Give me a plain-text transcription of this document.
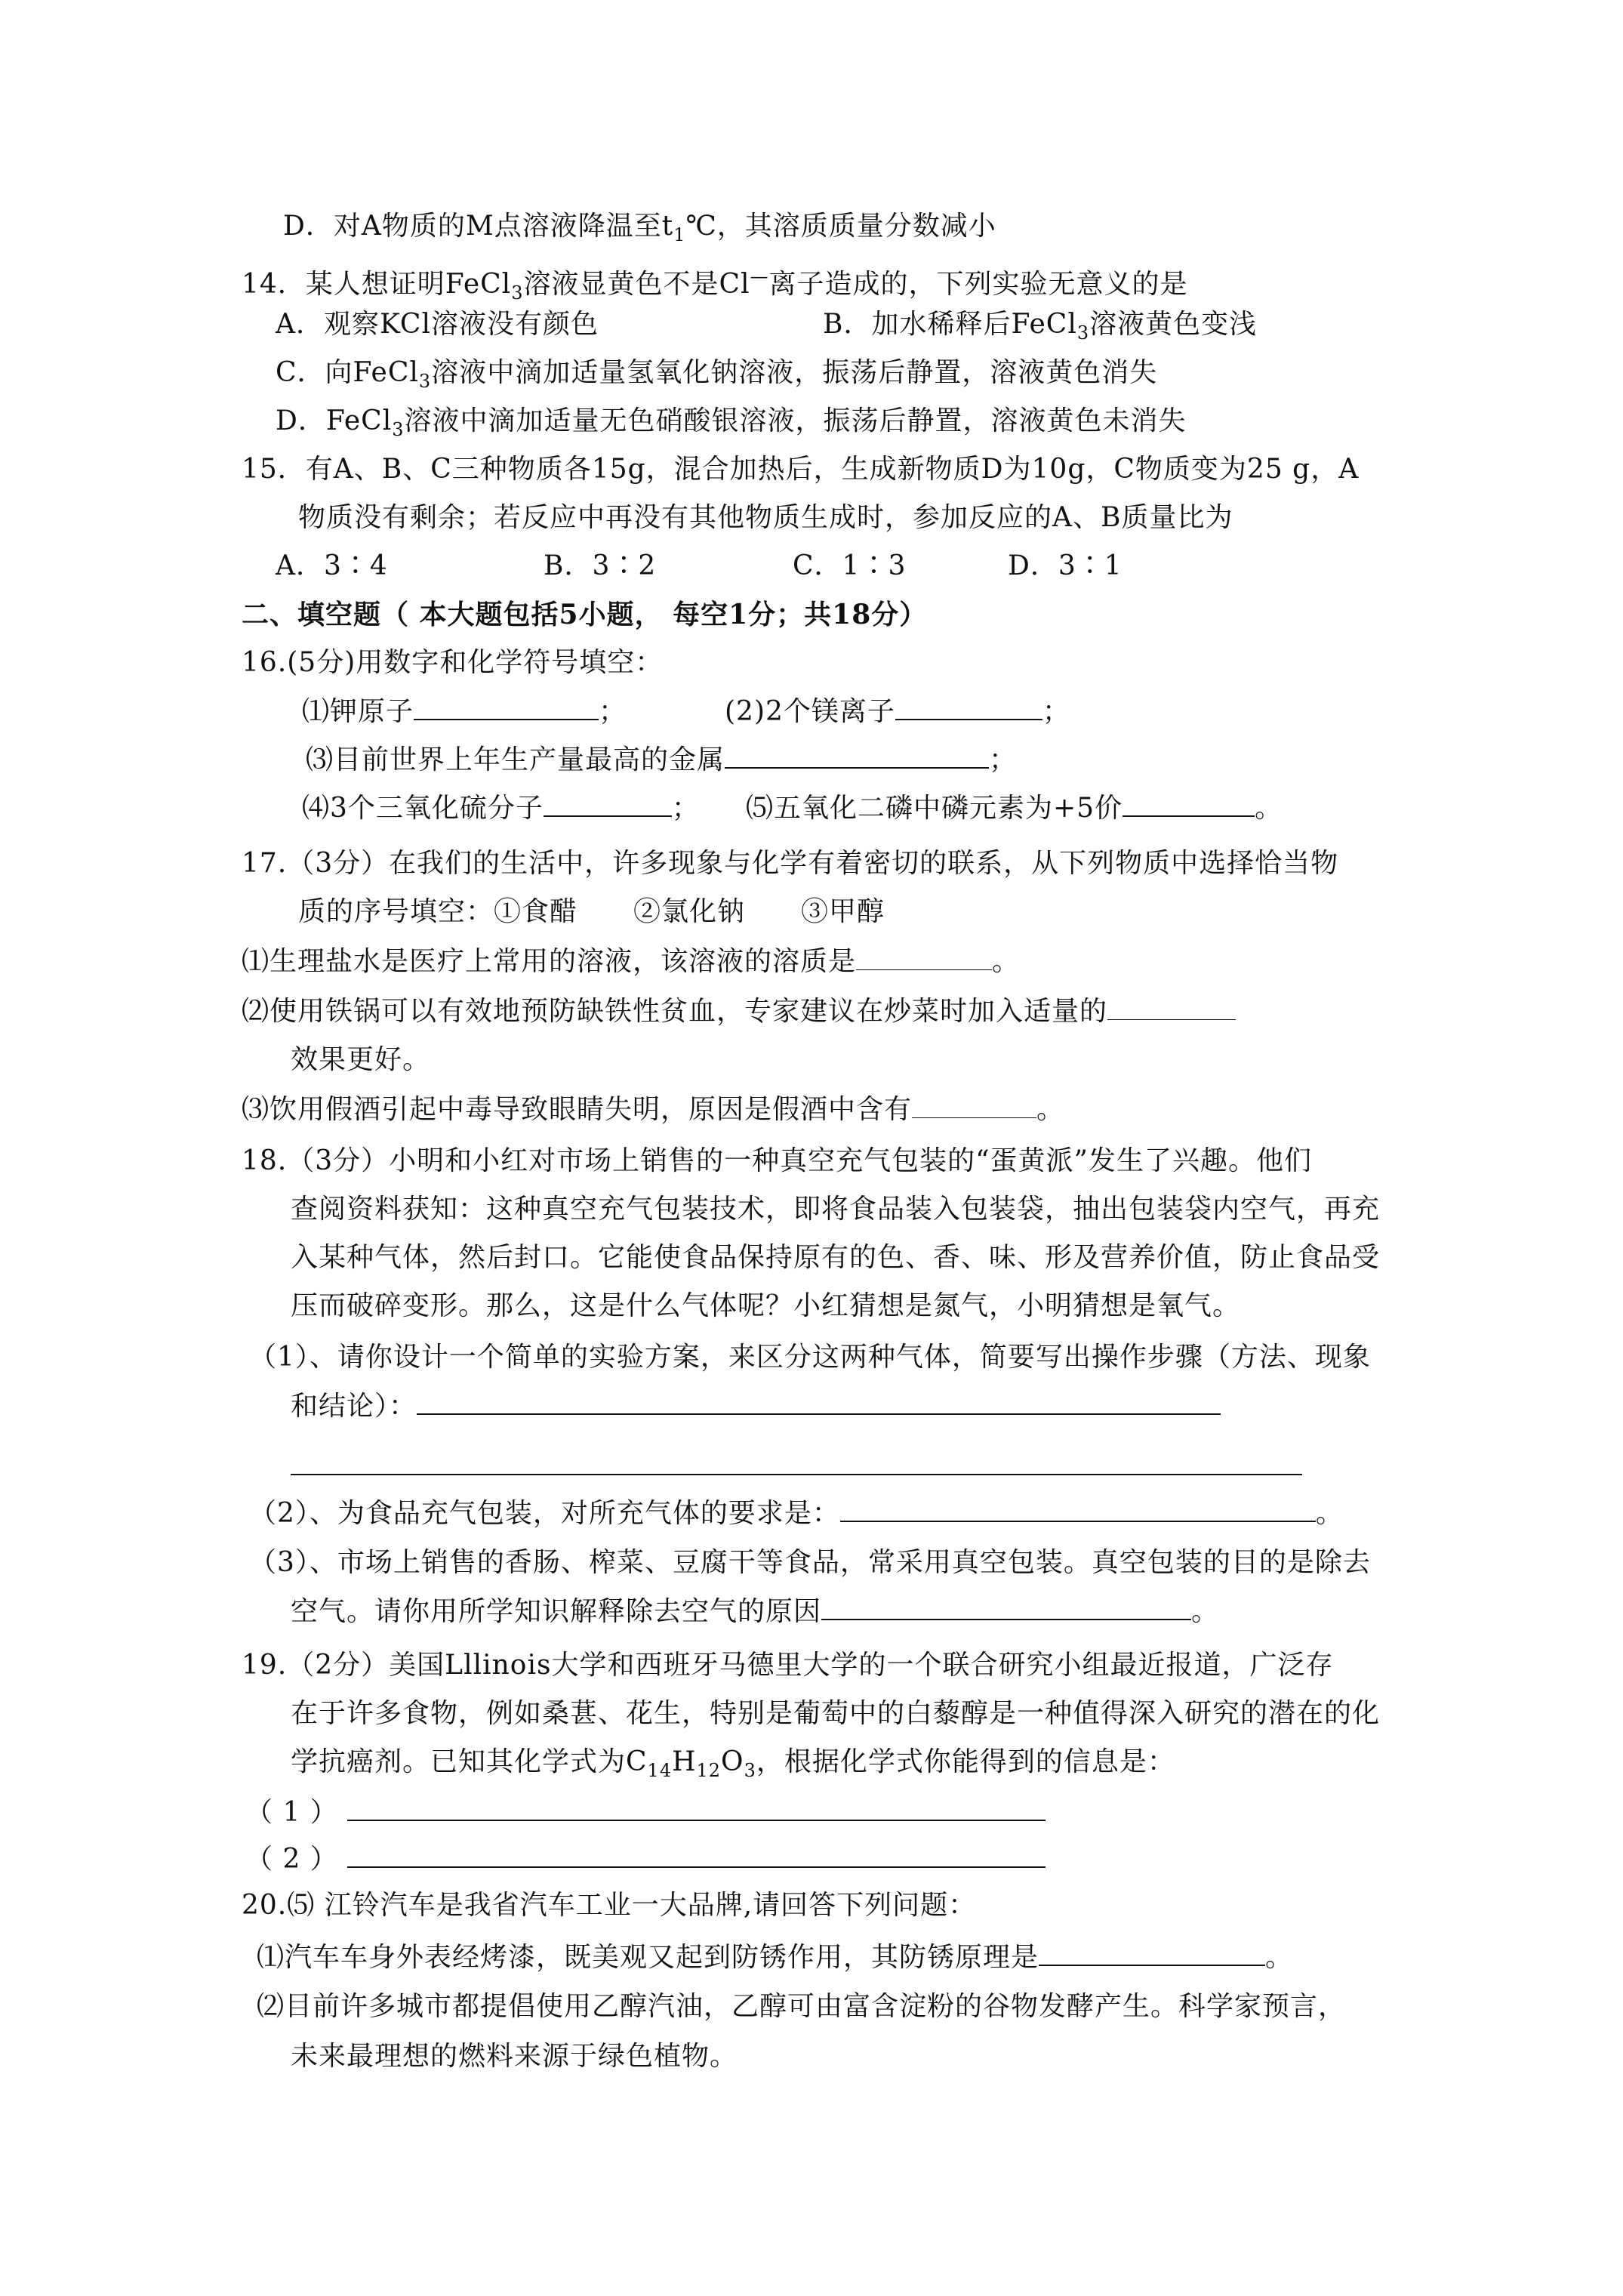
D．对A物质的M点溶液降温至$t_1℃$，其溶质质量分数减小
14．某人想证明FeCl$_3$溶液显黄色不是Cl—离子造成的，下列实验无意义的是
A．观察KCl溶液没有颜色	B．加水稀释后FeCl$_3$溶液黄色变浅
C．向FeCl$_3$溶液中滴加适量氢氧化钠溶液，振荡后静置，溶液黄色消失
D．FeCl$_3$溶液中滴加适量无色硝酸银溶液，振荡后静置，溶液黄色未消失
15．有A、B、C三种物质各15g，混合加热后，生成新物质D为10g，C物质变为25 g，A
物质没有剩余；若反应中再没有其他物质生成时，参加反应的A、B质量比为
A．3∶4	B．3∶2	C．1∶3	D．3∶1
二、填空题（ 本大题包括5小题， 每空1分；共18分）
16.(5分)用数字和化学符号填空：
⑴钾原子	；	(2)2个镁离子	；
⑶目前世界上年生产量最高的金属	；
⑷3个三氧化硫分子	； ⑸五氧化二磷中磷元素为+5价	。
17.（3分）在我们的生活中，许多现象与化学有着密切的联系，从下列物质中选择恰当物
质的序号填空：①食醋　　②氯化钠　　③甲醇
⑴生理盐水是医疗上常用的溶液，该溶液的溶质是	。
⑵使用铁锅可以有效地预防缺铁性贫血，专家建议在炒菜时加入适量的
效果更好。
⑶饮用假酒引起中毒导致眼睛失明，原因是假酒中含有	。
18.（3分）小明和小红对市场上销售的一种真空充气包装的“蛋黄派”发生了兴趣。他们
查阅资料获知：这种真空充气包装技术，即将食品装入包装袋，抽出包装袋内空气，再充
入某种气体，然后封口。它能使食品保持原有的色、香、味、形及营养价值，防止食品受
压而破碎变形。那么，这是什么气体呢？小红猜想是氮气，小明猜想是氧气。
（1）、请你设计一个简单的实验方案，来区分这两种气体，简要写出操作步骤（方法、现象
和结论）：
（2）、为食品充气包装，对所充气体的要求是：	。
（3）、市场上销售的香肠、榨菜、豆腐干等食品，常采用真空包装。真空包装的目的是除去
空气。请你用所学知识解释除去空气的原因	。
19.（2分）美国Lllinois大学和西班牙马德里大学的一个联合研究小组最近报道，广泛存
在于许多食物，例如桑葚、花生，特别是葡萄中的白藜醇是一种值得深入研究的潜在的化
学抗癌剂。已知其化学式为$C_{14}H_{12}O_3$，根据化学式你能得到的信息是：
（ 1 ）
（ 2 ）
20.⑸ 江铃汽车是我省汽车工业一大品牌,请回答下列问题：
⑴汽车车身外表经烤漆，既美观又起到防锈作用，其防锈原理是	。
⑵目前许多城市都提倡使用乙醇汽油，乙醇可由富含淀粉的谷物发酵产生。科学家预言，
未来最理想的燃料来源于绿色植物。
